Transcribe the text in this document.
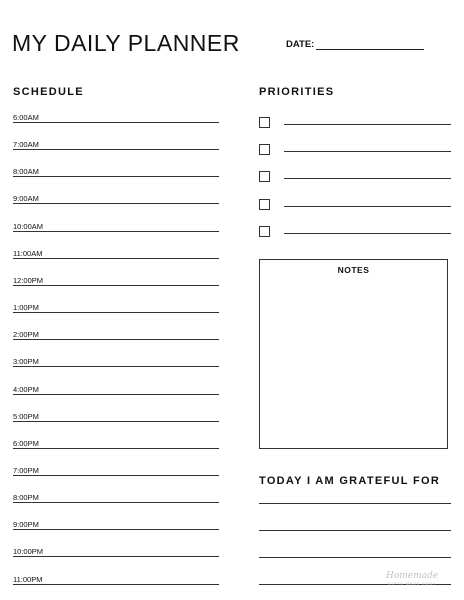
MY DAILY PLANNER	DATE:
SCHEDULE	PRIORITIES
6:00AM
7:00AM
8:00AM
9:00AM
10:00AM
11:00AM
12:00PM
1:00PM
2:00PM
3:00PM
4:00PM
5:00PM
6:00PM
7:00PM
8:00PM
9:00PM
10:00PM
11:00PM
NOTES
TODAY I AM GRATEFUL FOR
Homemade
GIFTS MADE EASY
